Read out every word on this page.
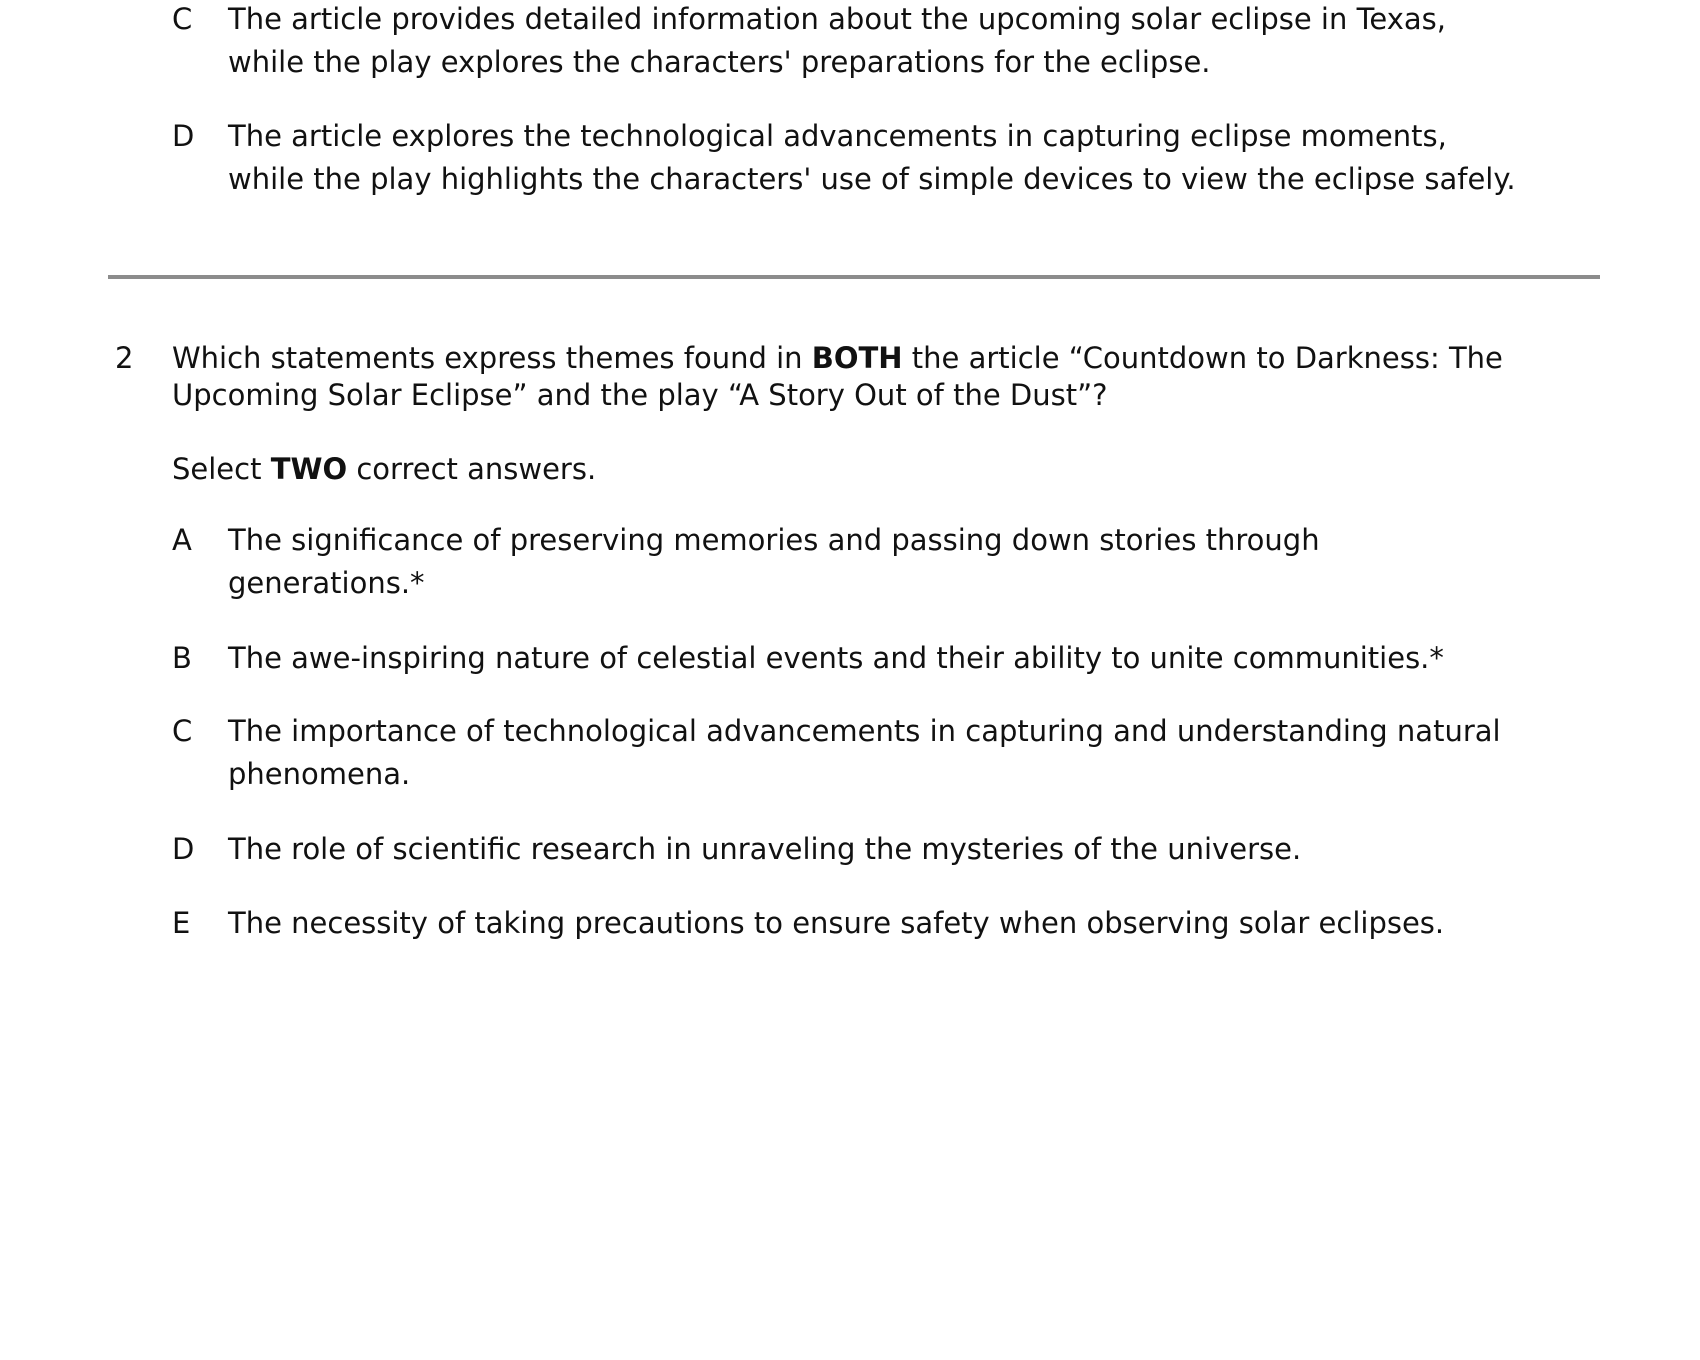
C	The article provides detailed information about the upcoming solar eclipse in Texas,
while the play explores the characters' preparations for the eclipse.
D	The article explores the technological advancements in capturing eclipse moments,
while the play highlights the characters' use of simple devices to view the eclipse safely.
2 Which statements express themes found in BOTH the article “Countdown to Darkness: The
Upcoming Solar Eclipse” and the play “A Story Out of the Dust”?
Select TWO correct answers.
A	The significance of preserving memories and passing down stories through
generations.*
B	The awe-inspiring nature of celestial events and their ability to unite communities.*
C	The importance of technological advancements in capturing and understanding natural
phenomena.
D	The role of scientific research in unraveling the mysteries of the universe.
E	The necessity of taking precautions to ensure safety when observing solar eclipses.
